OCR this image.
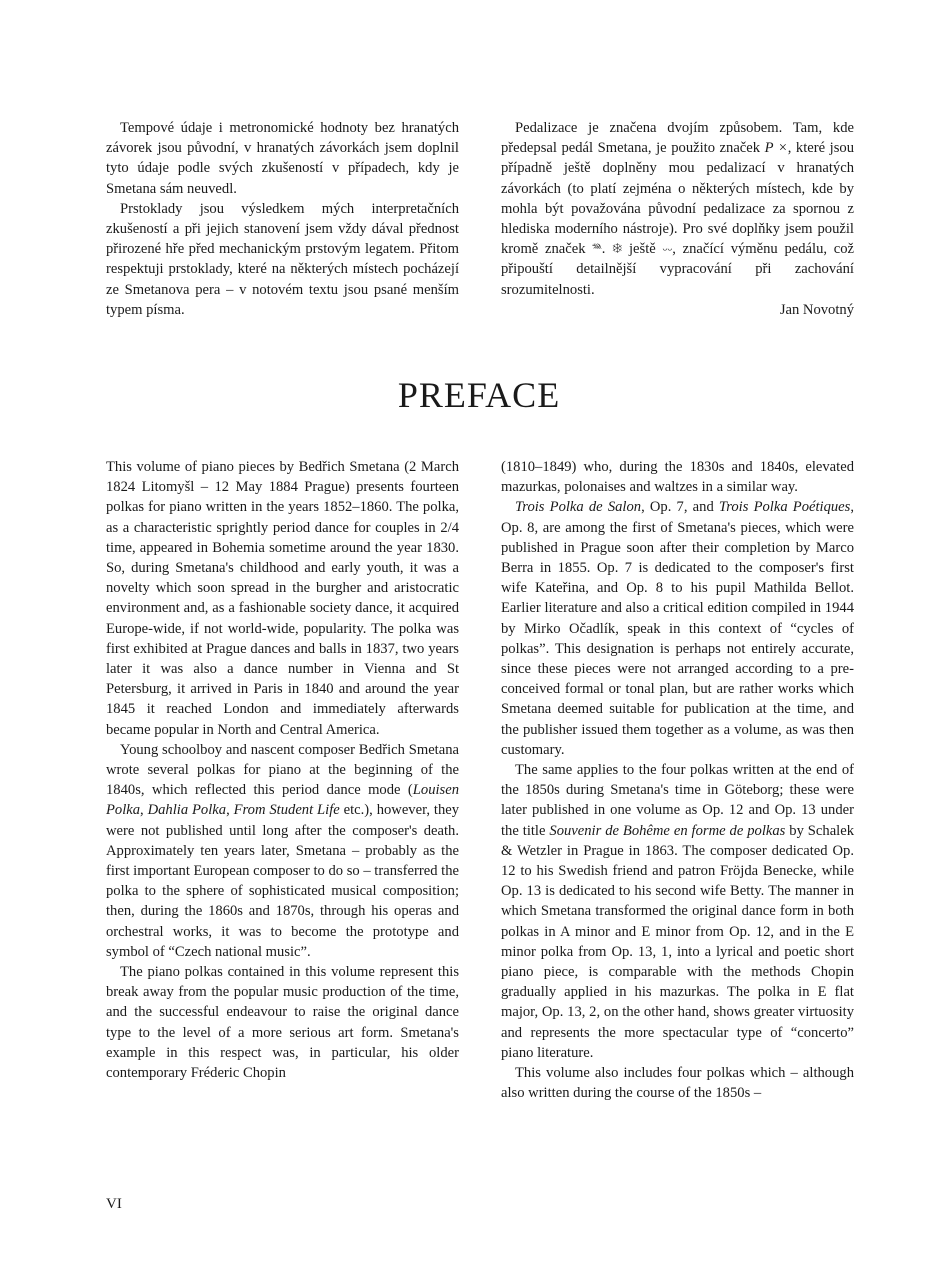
Tempové údaje i metronomické hodnoty bez hranatých závorek jsou původní, v hranatých závorkách jsem doplnil tyto údaje podle svých zkušeností v případech, kdy je Smetana sám neuvedl.

Prstoklady jsou výsledkem mých interpretačních zkušeností a při jejich stanovení jsem vždy dával přednost přirozené hře před mechanickým prstovým legatem. Přitom respektuji prstoklady, které na některých místech pocházejí ze Smetanova pera – v notovém textu jsou psané menším typem písma.

Pedalizace je značena dvojím způsobem. Tam, kde předepsal pedál Smetana, je použito značek P ×, které jsou případně ještě doplněny mou pedalizací v hranatých závorkách (to platí zejména o některých místech, kde by mohla být považována původní pedalizace za spornou z hlediska moderního nástroje). Pro své doplňky jsem použil kromě značek 𝆮. ❄ ještě ⏑⏑, značící výměnu pedálu, což připouští detailnější vypracování při zachování srozumitelnosti.

Jan Novotný

PREFACE

This volume of piano pieces by Bedřich Smetana (2 March 1824 Litomyšl – 12 May 1884 Prague) presents fourteen polkas for piano written in the years 1852–1860. The polka, as a characteristic sprightly period dance for couples in 2/4 time, appeared in Bohemia sometime around the year 1830. So, during Smetana's childhood and early youth, it was a novelty which soon spread in the burgher and aristocratic environment and, as a fashionable society dance, it acquired Europe-wide, if not world-wide, popularity. The polka was first exhibited at Prague dances and balls in 1837, two years later it was also a dance number in Vienna and St Petersburg, it arrived in Paris in 1840 and around the year 1845 it reached London and immediately afterwards became popular in North and Central America.

Young schoolboy and nascent composer Bedřich Smetana wrote several polkas for piano at the beginning of the 1840s, which reflected this period dance mode (Louisen Polka, Dahlia Polka, From Student Life etc.), however, they were not published until long after the composer's death. Approximately ten years later, Smetana – probably as the first important European composer to do so – transferred the polka to the sphere of sophisticated musical composition; then, during the 1860s and 1870s, through his operas and orchestral works, it was to become the prototype and symbol of “Czech national music”.

The piano polkas contained in this volume represent this break away from the popular music production of the time, and the successful endeavour to raise the original dance type to the level of a more serious art form. Smetana's example in this respect was, in particular, his older contemporary Fréderic Chopin

(1810–1849) who, during the 1830s and 1840s, elevated mazurkas, polonaises and waltzes in a similar way.

Trois Polka de Salon, Op. 7, and Trois Polka Poétiques, Op. 8, are among the first of Smetana's pieces, which were published in Prague soon after their completion by Marco Berra in 1855. Op. 7 is dedicated to the composer's first wife Kateřina, and Op. 8 to his pupil Mathilda Bellot. Earlier literature and also a critical edition compiled in 1944 by Mirko Očadlík, speak in this context of “cycles of polkas”. This designation is perhaps not entirely accurate, since these pieces were not arranged according to a pre-conceived formal or tonal plan, but are rather works which Smetana deemed suitable for publication at the time, and the publisher issued them together as a volume, as was then customary.

The same applies to the four polkas written at the end of the 1850s during Smetana's time in Göteborg; these were later published in one volume as Op. 12 and Op. 13 under the title Souvenir de Bohême en forme de polkas by Schalek & Wetzler in Prague in 1863. The composer dedicated Op. 12 to his Swedish friend and patron Fröjda Benecke, while Op. 13 is dedicated to his second wife Betty. The manner in which Smetana transformed the original dance form in both polkas in A minor and E minor from Op. 12, and in the E minor polka from Op. 13, 1, into a lyrical and poetic short piano piece, is comparable with the methods Chopin gradually applied in his mazurkas. The polka in E flat major, Op. 13, 2, on the other hand, shows greater virtuosity and represents the more spectacular type of “concerto” piano literature.

This volume also includes four polkas which – although also written during the course of the 1850s –

VI
